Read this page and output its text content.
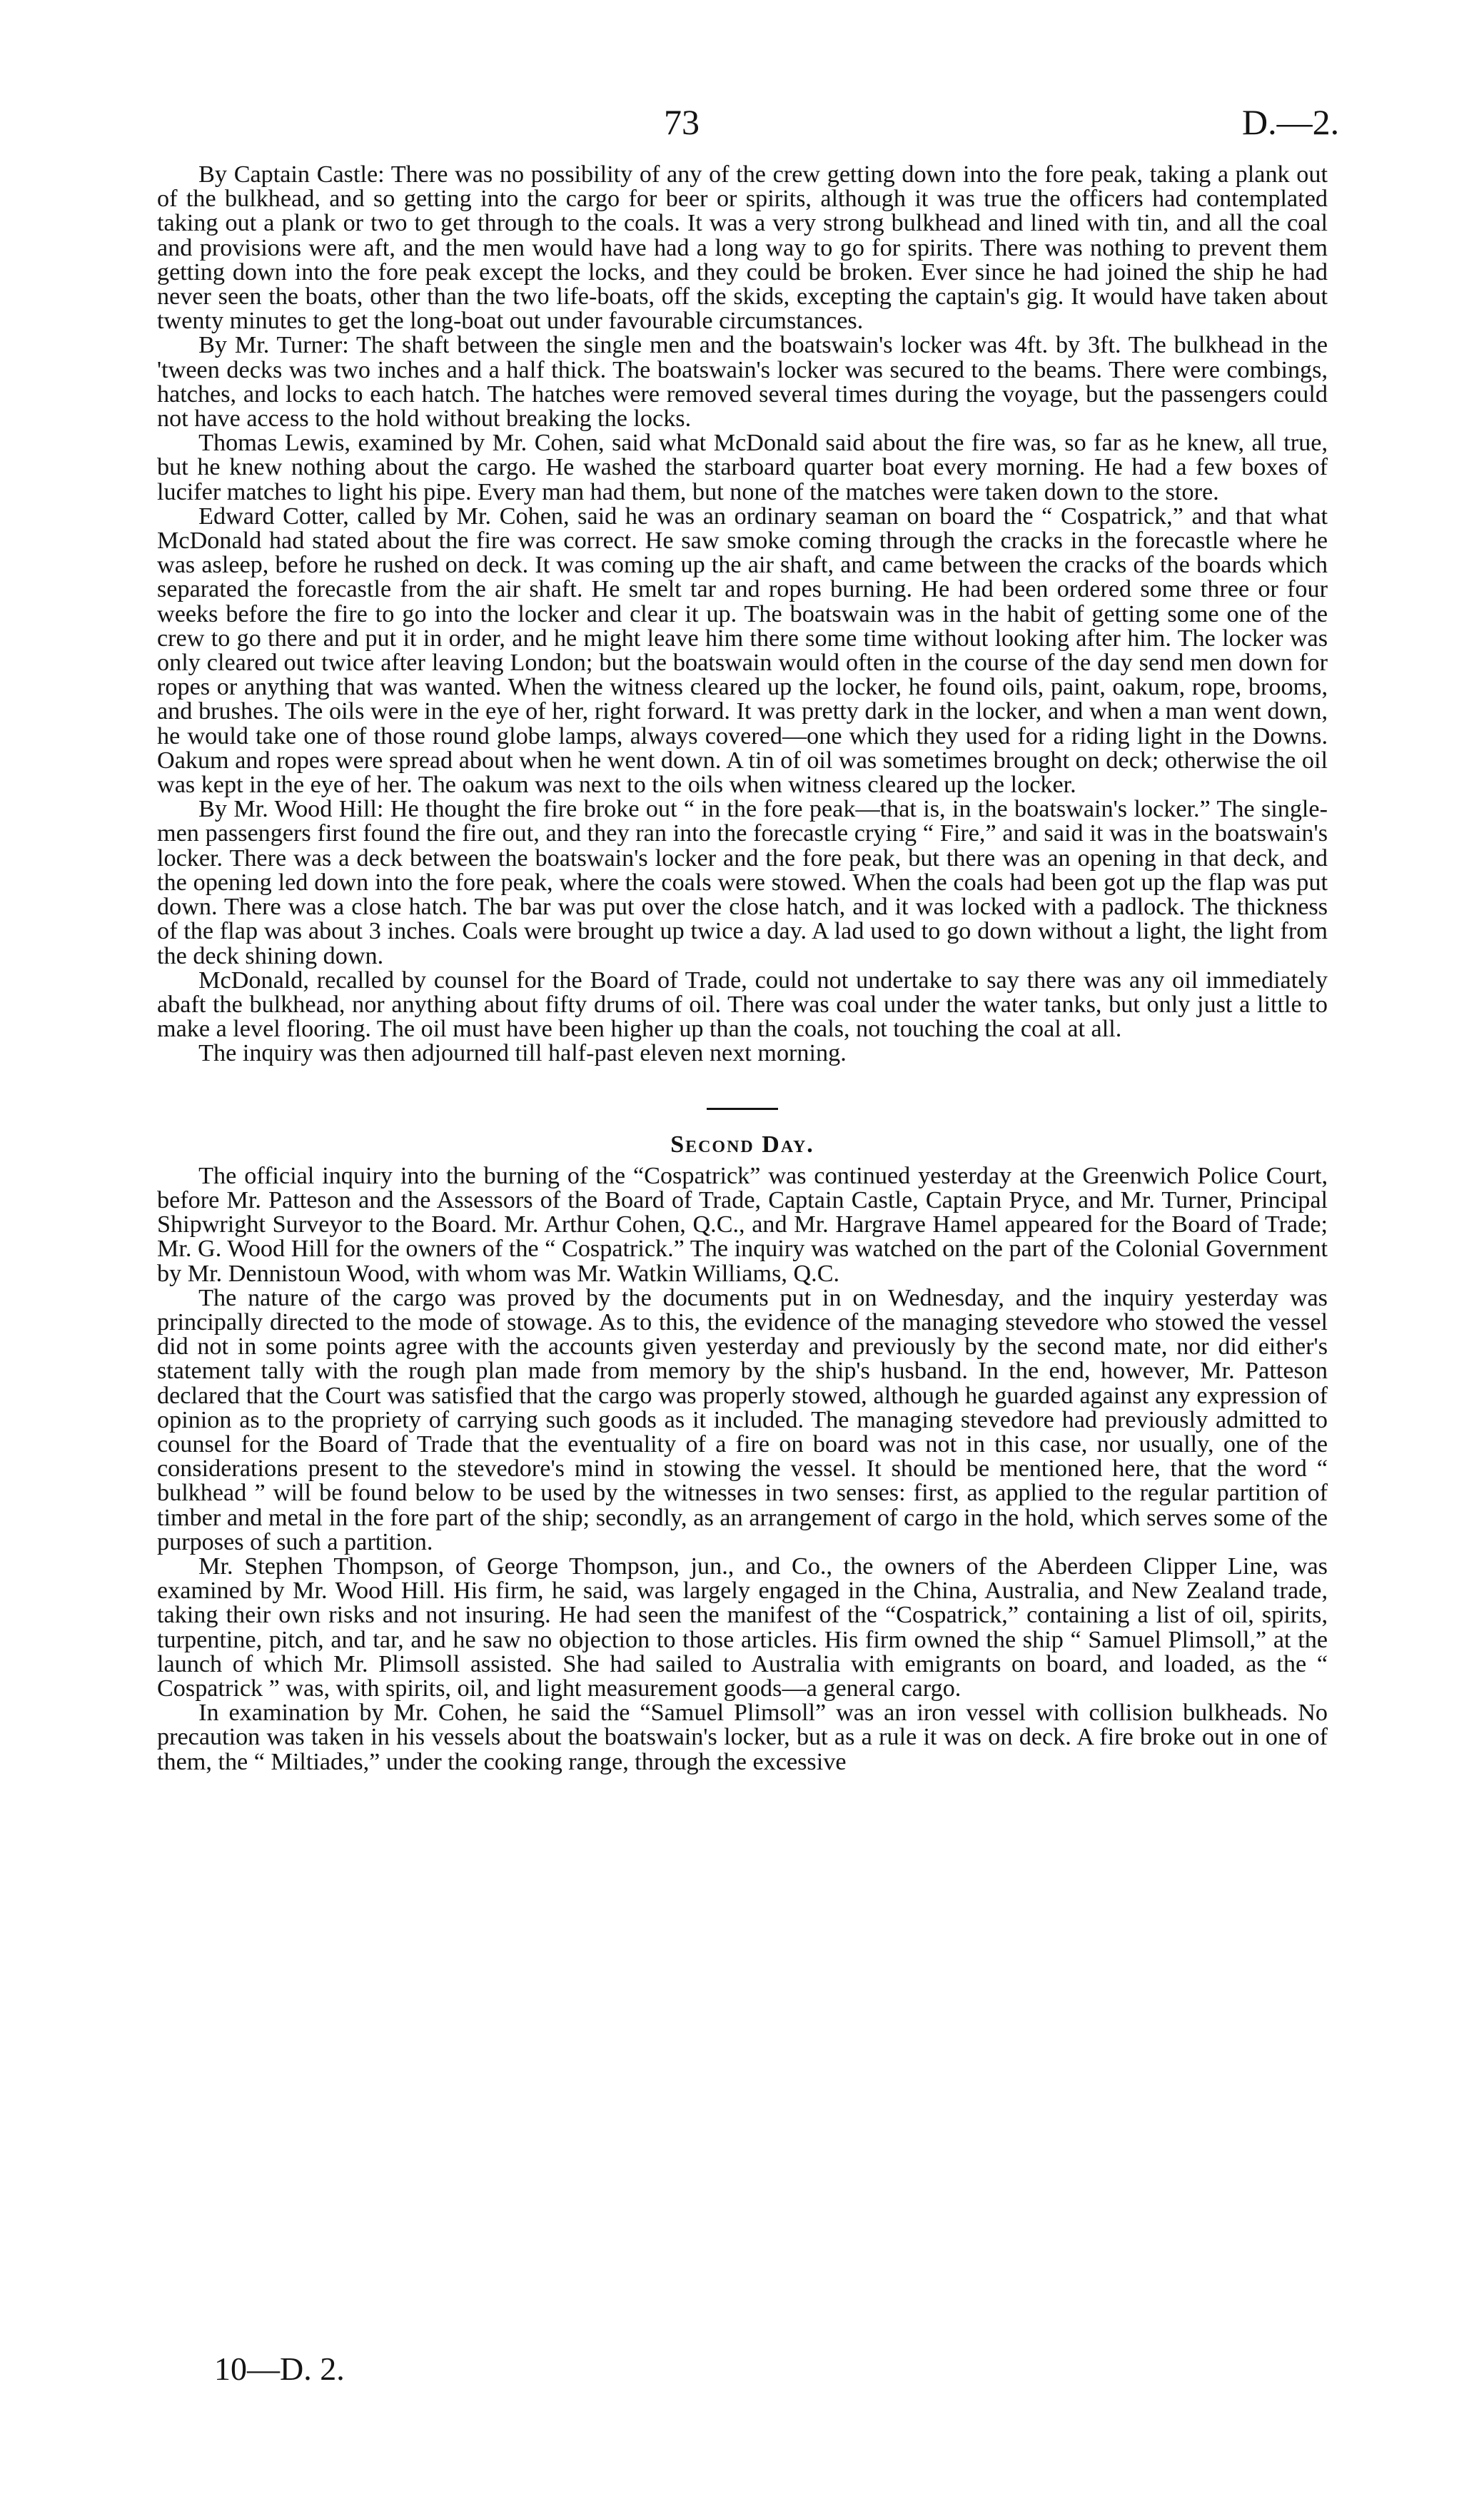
73	D.—2.

By Captain Castle: There was no possibility of any of the crew getting down into the fore peak, taking a plank out of the bulkhead, and so getting into the cargo for beer or spirits, although it was true the officers had contemplated taking out a plank or two to get through to the coals. It was a very strong bulkhead and lined with tin, and all the coal and provisions were aft, and the men would have had a long way to go for spirits. There was nothing to prevent them getting down into the fore peak except the locks, and they could be broken. Ever since he had joined the ship he had never seen the boats, other than the two life-boats, off the skids, excepting the captain's gig. It would have taken about twenty minutes to get the long-boat out under favourable circumstances.

By Mr. Turner: The shaft between the single men and the boatswain's locker was 4ft. by 3ft. The bulkhead in the 'tween decks was two inches and a half thick. The boatswain's locker was secured to the beams. There were combings, hatches, and locks to each hatch. The hatches were removed several times during the voyage, but the passengers could not have access to the hold without breaking the locks.

Thomas Lewis, examined by Mr. Cohen, said what McDonald said about the fire was, so far as he knew, all true, but he knew nothing about the cargo. He washed the starboard quarter boat every morning. He had a few boxes of lucifer matches to light his pipe. Every man had them, but none of the matches were taken down to the store.

Edward Cotter, called by Mr. Cohen, said he was an ordinary seaman on board the “ Cospatrick,” and that what McDonald had stated about the fire was correct. He saw smoke coming through the cracks in the forecastle where he was asleep, before he rushed on deck. It was coming up the air shaft, and came between the cracks of the boards which separated the forecastle from the air shaft. He smelt tar and ropes burning. He had been ordered some three or four weeks before the fire to go into the locker and clear it up. The boatswain was in the habit of getting some one of the crew to go there and put it in order, and he might leave him there some time without looking after him. The locker was only cleared out twice after leaving London; but the boatswain would often in the course of the day send men down for ropes or anything that was wanted. When the witness cleared up the locker, he found oils, paint, oakum, rope, brooms, and brushes. The oils were in the eye of her, right forward. It was pretty dark in the locker, and when a man went down, he would take one of those round globe lamps, always covered—one which they used for a riding light in the Downs. Oakum and ropes were spread about when he went down. A tin of oil was sometimes brought on deck; otherwise the oil was kept in the eye of her. The oakum was next to the oils when witness cleared up the locker.

By Mr. Wood Hill: He thought the fire broke out “ in the fore peak—that is, in the boatswain's locker.” The single-men passengers first found the fire out, and they ran into the forecastle crying “ Fire,” and said it was in the boatswain's locker. There was a deck between the boatswain's locker and the fore peak, but there was an opening in that deck, and the opening led down into the fore peak, where the coals were stowed. When the coals had been got up the flap was put down. There was a close hatch. The bar was put over the close hatch, and it was locked with a padlock. The thickness of the flap was about 3 inches. Coals were brought up twice a day. A lad used to go down without a light, the light from the deck shining down.

McDonald, recalled by counsel for the Board of Trade, could not undertake to say there was any oil immediately abaft the bulkhead, nor anything about fifty drums of oil. There was coal under the water tanks, but only just a little to make a level flooring. The oil must have been higher up than the coals, not touching the coal at all.

The inquiry was then adjourned till half-past eleven next morning.

Second Day.

The official inquiry into the burning of the “Cospatrick” was continued yesterday at the Greenwich Police Court, before Mr. Patteson and the Assessors of the Board of Trade, Captain Castle, Captain Pryce, and Mr. Turner, Principal Shipwright Surveyor to the Board. Mr. Arthur Cohen, Q.C., and Mr. Hargrave Hamel appeared for the Board of Trade; Mr. G. Wood Hill for the owners of the “ Cospatrick.” The inquiry was watched on the part of the Colonial Government by Mr. Dennistoun Wood, with whom was Mr. Watkin Williams, Q.C.

The nature of the cargo was proved by the documents put in on Wednesday, and the inquiry yesterday was principally directed to the mode of stowage. As to this, the evidence of the managing stevedore who stowed the vessel did not in some points agree with the accounts given yesterday and previously by the second mate, nor did either's statement tally with the rough plan made from memory by the ship's husband. In the end, however, Mr. Patteson declared that the Court was satisfied that the cargo was properly stowed, although he guarded against any expression of opinion as to the propriety of carrying such goods as it included. The managing stevedore had previously admitted to counsel for the Board of Trade that the eventuality of a fire on board was not in this case, nor usually, one of the considerations present to the stevedore's mind in stowing the vessel. It should be mentioned here, that the word “ bulkhead ” will be found below to be used by the witnesses in two senses: first, as applied to the regular partition of timber and metal in the fore part of the ship; secondly, as an arrangement of cargo in the hold, which serves some of the purposes of such a partition.

Mr. Stephen Thompson, of George Thompson, jun., and Co., the owners of the Aberdeen Clipper Line, was examined by Mr. Wood Hill. His firm, he said, was largely engaged in the China, Australia, and New Zealand trade, taking their own risks and not insuring. He had seen the manifest of the “Cospatrick,” containing a list of oil, spirits, turpentine, pitch, and tar, and he saw no objection to those articles. His firm owned the ship “ Samuel Plimsoll,” at the launch of which Mr. Plimsoll assisted. She had sailed to Australia with emigrants on board, and loaded, as the “ Cospatrick ” was, with spirits, oil, and light measurement goods—a general cargo.

In examination by Mr. Cohen, he said the “Samuel Plimsoll” was an iron vessel with collision bulkheads. No precaution was taken in his vessels about the boatswain's locker, but as a rule it was on deck. A fire broke out in one of them, the “ Miltiades,” under the cooking range, through the excessive

10—D. 2.
